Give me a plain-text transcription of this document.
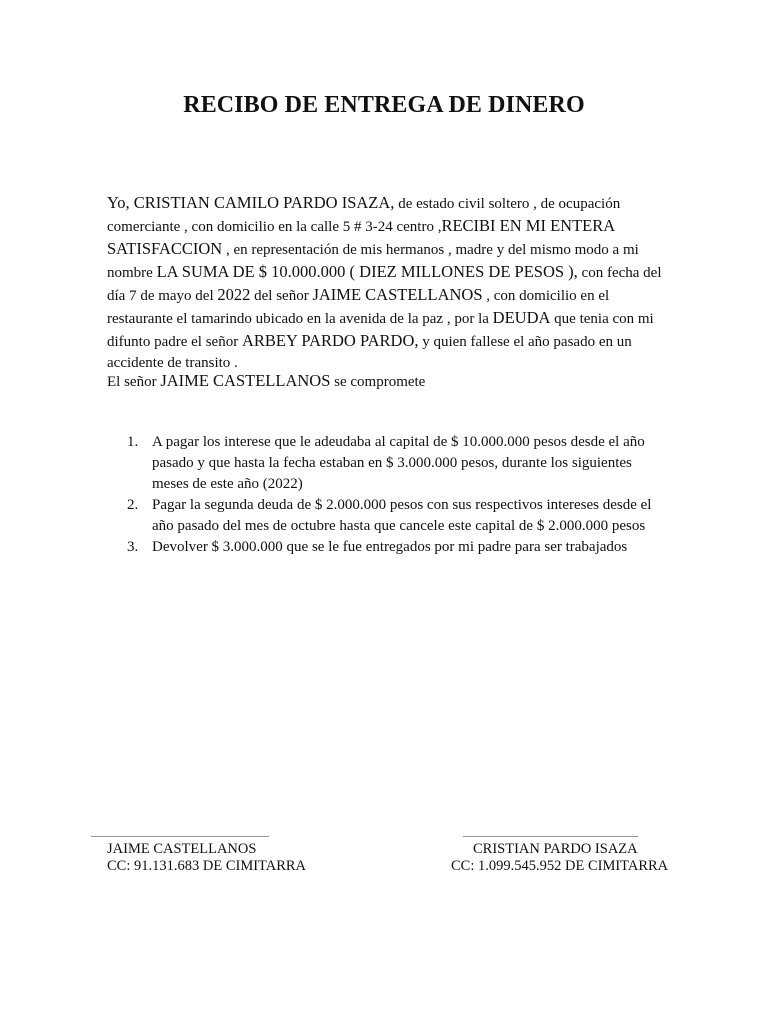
RECIBO DE ENTREGA DE DINERO

Yo, CRISTIAN CAMILO PARDO ISAZA, de estado civil soltero , de ocupación comerciante , con domicilio en la calle 5 # 3-24 centro ,RECIBI EN MI ENTERA SATISFACCION , en representación de mis hermanos , madre y del mismo modo a mi nombre LA SUMA DE $ 10.000.000 ( DIEZ MILLONES DE PESOS ), con fecha del día 7 de mayo del 2022 del señor JAIME CASTELLANOS , con domicilio en el restaurante el tamarindo ubicado en la avenida de la paz , por la DEUDA que tenia con mi difunto padre el señor ARBEY PARDO PARDO, y quien fallese el año pasado en un accidente de transito .

El señor JAIME CASTELLANOS se compromete

1. A pagar los interese que le adeudaba al capital de $ 10.000.000 pesos desde el año pasado y que hasta la fecha estaban en $ 3.000.000 pesos, durante los siguientes meses de este año (2022)
2. Pagar la segunda deuda de $ 2.000.000 pesos con sus respectivos intereses desde el año pasado del mes de octubre hasta que cancele este capital de $ 2.000.000 pesos
3. Devolver $ 3.000.000 que se le fue entregados por mi padre para ser trabajados
JAIME CASTELLANOS
CC: 91.131.683 DE CIMITARRA
CRISTIAN PARDO ISAZA
CC: 1.099.545.952 DE CIMITARRA
